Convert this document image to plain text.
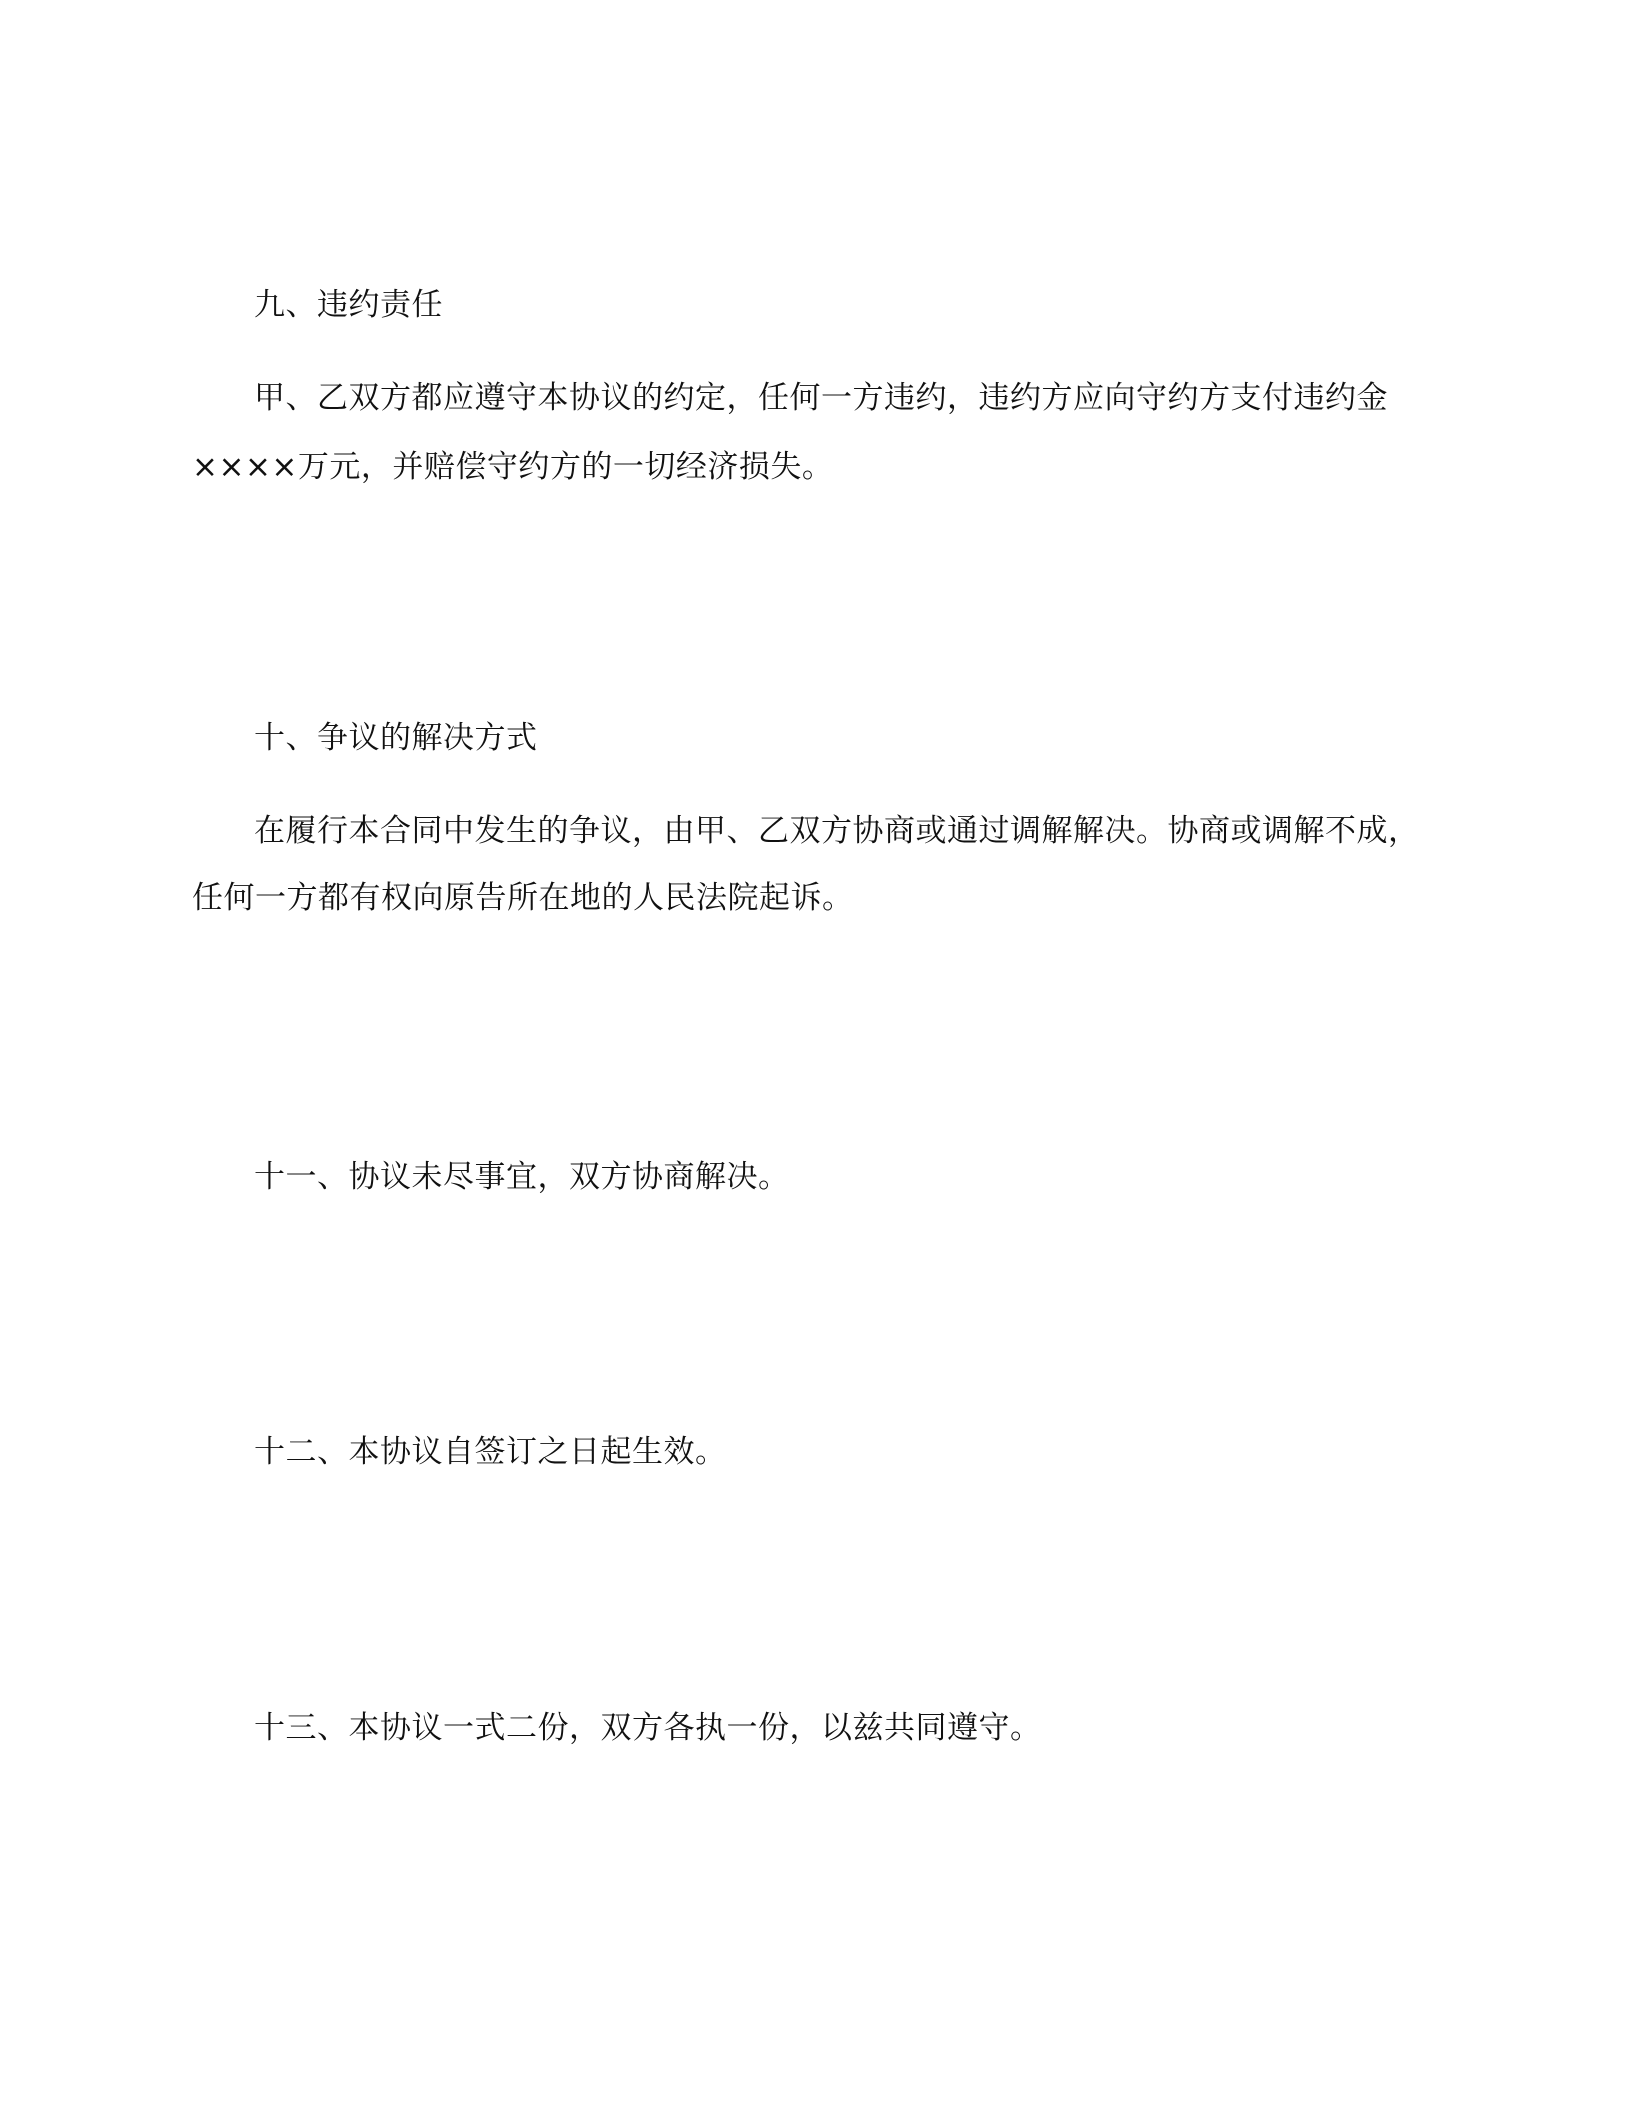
九、违约责任

甲、乙双方都应遵守本协议的约定，任何一方违约，违约方应向守约方支付违约金

××××万元，并赔偿守约方的一切经济损失。

十、争议的解决方式

在履行本合同中发生的争议，由甲、乙双方协商或通过调解解决。协商或调解不成，

任何一方都有权向原告所在地的人民法院起诉。

十一、协议未尽事宜，双方协商解决。

十二、本协议自签订之日起生效。

十三、本协议一式二份，双方各执一份，以兹共同遵守。
